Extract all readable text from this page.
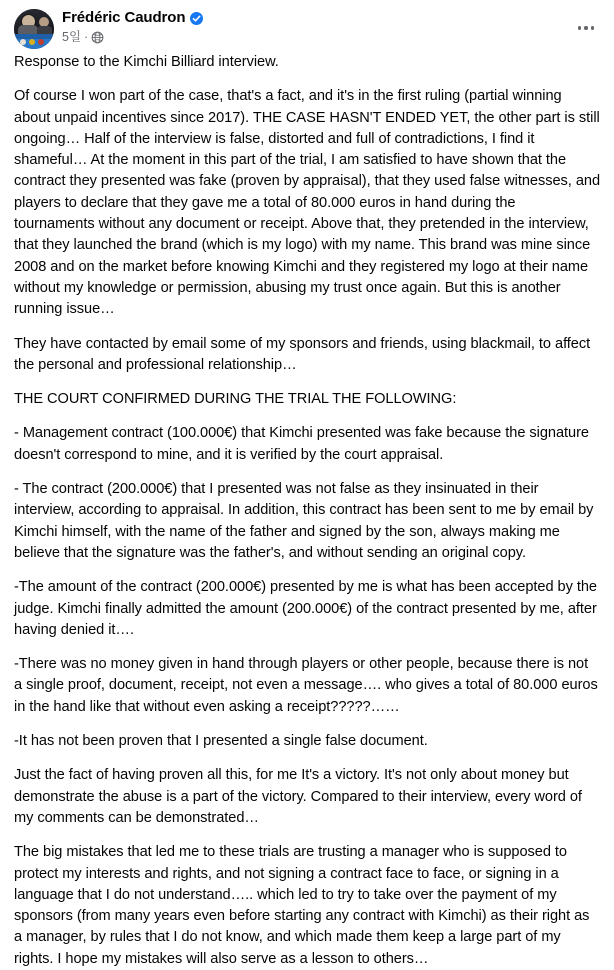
Frédéric Caudron
5일 ·

Response to the Kimchi Billiard interview.

Of course I won part of the case, that's a fact, and it's in the first ruling (partial winning about unpaid incentives since 2017). THE CASE HASN'T ENDED YET, the other part is still ongoing… Half of the interview is false, distorted and full of contradictions, I find it shameful… At the moment in this part of the trial, I am satisfied to have shown that the contract they presented was fake (proven by appraisal), that they used false witnesses, and players to declare that they gave me a total of 80.000 euros in hand during the tournaments without any document or receipt. Above that, they pretended in the interview, that they launched the brand (which is my logo) with my name. This brand was mine since 2008 and on the market before knowing Kimchi and they registered my logo at their name without my knowledge or permission, abusing my trust once again. But this is another running issue…

They have contacted by email some of my sponsors and friends, using blackmail, to affect the personal and professional relationship…

THE COURT CONFIRMED DURING THE TRIAL THE FOLLOWING:

- Management contract (100.000€) that Kimchi presented was fake because the signature doesn't correspond to mine, and it is verified by the court appraisal.

- The contract (200.000€) that I presented was not false as they insinuated in their interview, according to appraisal. In addition, this contract has been sent to me by email by Kimchi himself, with the name of the father and signed by the son, always making me believe that the signature was the father's, and without sending an original copy.

-The amount of the contract (200.000€) presented by me is what has been accepted by the judge. Kimchi finally admitted the amount (200.000€) of the contract presented by me, after having denied it….

-There was no money given in hand through players or other people, because there is not a single proof, document, receipt, not even a message…. who gives a total of 80.000 euros in the hand like that without even asking a receipt?????……

-It has not been proven that I presented a single false document.

Just the fact of having proven all this, for me It's a victory. It's not only about money but demonstrate the abuse is a part of the victory. Compared to their interview, every word of my comments can be demonstrated…

The big mistakes that led me to these trials are trusting a manager who is supposed to protect my interests and rights, and not signing a contract face to face, or signing in a language that I do not understand….. which led to try to take over the payment of my sponsors (from many years even before starting any contract with Kimchi) as their right as a manager, by rules that I do not know, and which made them keep a large part of my rights. I hope my mistakes will also serve as a lesson to others…
